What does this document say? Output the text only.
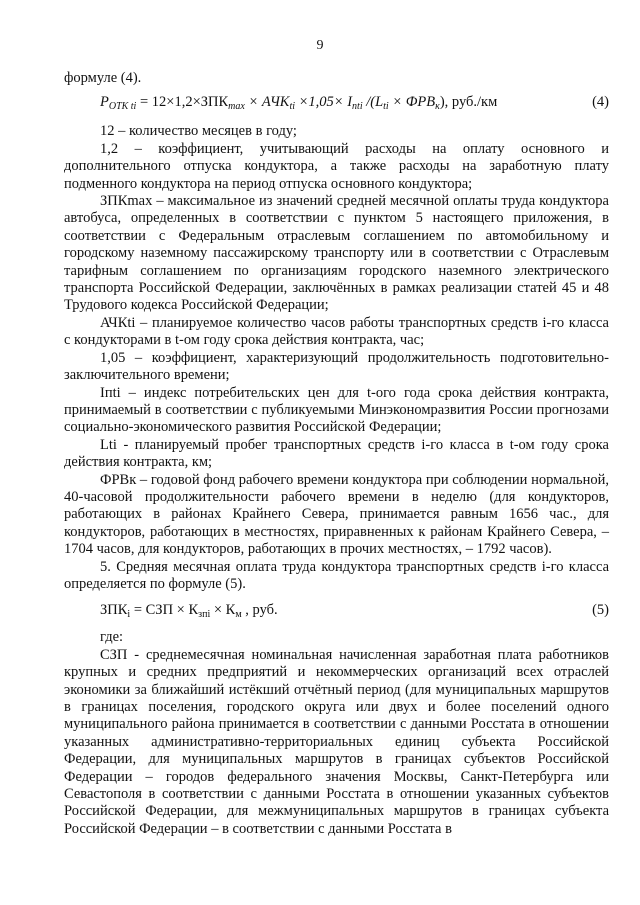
9

формуле (4).

$P_{ОТК ti} = 12\times 1,2\times ЗПК_{max} \times АЧК_{ti} \times 1,05\times I_{пti}$ $/(L_{ti} \times ФРВ_к)$, руб./км	(4)

12 – количество месяцев в году;

1,2 – коэффициент, учитывающий расходы на оплату основного и дополнительного отпуска кондуктора, а также расходы на заработную плату подменного кондуктора на период отпуска основного кондуктора;

ЗПКmax – максимальное из значений средней месячной оплаты труда кондуктора автобуса, определенных в соответствии с пунктом 5 настоящего приложения, в соответствии с Федеральным отраслевым соглашением по автомобильному и городскому наземному пассажирскому транспорту или в соответствии с Отраслевым тарифным соглашением по организациям городского наземного электрического транспорта Российской Федерации, заключённых в рамках реализации статей 45 и 48 Трудового кодекса Российской Федерации;

АЧКti – планируемое количество часов работы транспортных средств i-го класса с кондукторами в t-ом году срока действия контракта, час;

1,05 – коэффициент, характеризующий продолжительность подготовительно-заключительного времени;

Iпti – индекс потребительских цен для t-ого года срока действия контракта, принимаемый в соответствии с публикуемыми Минэкономразвития России прогнозами социально-экономического развития Российской Федерации;

Lti - планируемый пробег транспортных средств i-го класса в t-ом году срока действия контракта, км;

ФРВк – годовой фонд рабочего времени кондуктора при соблюдении нормальной, 40-часовой продолжительности рабочего времени в неделю (для кондукторов, работающих в районах Крайнего Севера, принимается равным 1656 час., для кондукторов, работающих в местностях, приравненных к районам Крайнего Севера, – 1704 часов, для кондукторов, работающих в прочих местностях, – 1792 часов).

5. Средняя месячная оплата труда кондуктора транспортных средств i-го класса определяется по формуле (5).

$ЗПК_i$ = СЗП × $К_{зпi} \times К_м$ , руб.	(5)

где:

СЗП - среднемесячная номинальная начисленная заработная плата работников крупных и средних предприятий и некоммерческих организаций всех отраслей экономики за ближайший истёкший отчётный период (для муниципальных маршрутов в границах поселения, городского округа или двух и более поселений одного муниципального района принимается в соответствии с данными Росстата в отношении указанных административно-территориальных единиц субъекта Российской Федерации, для муниципальных маршрутов в границах субъектов Российской Федерации – городов федерального значения Москвы, Санкт-Петербурга или Севастополя в соответствии с данными Росстата в отношении указанных субъектов Российской Федерации, для межмуниципальных маршрутов в границах субъекта Российской Федерации – в соответствии с данными Росстата в
